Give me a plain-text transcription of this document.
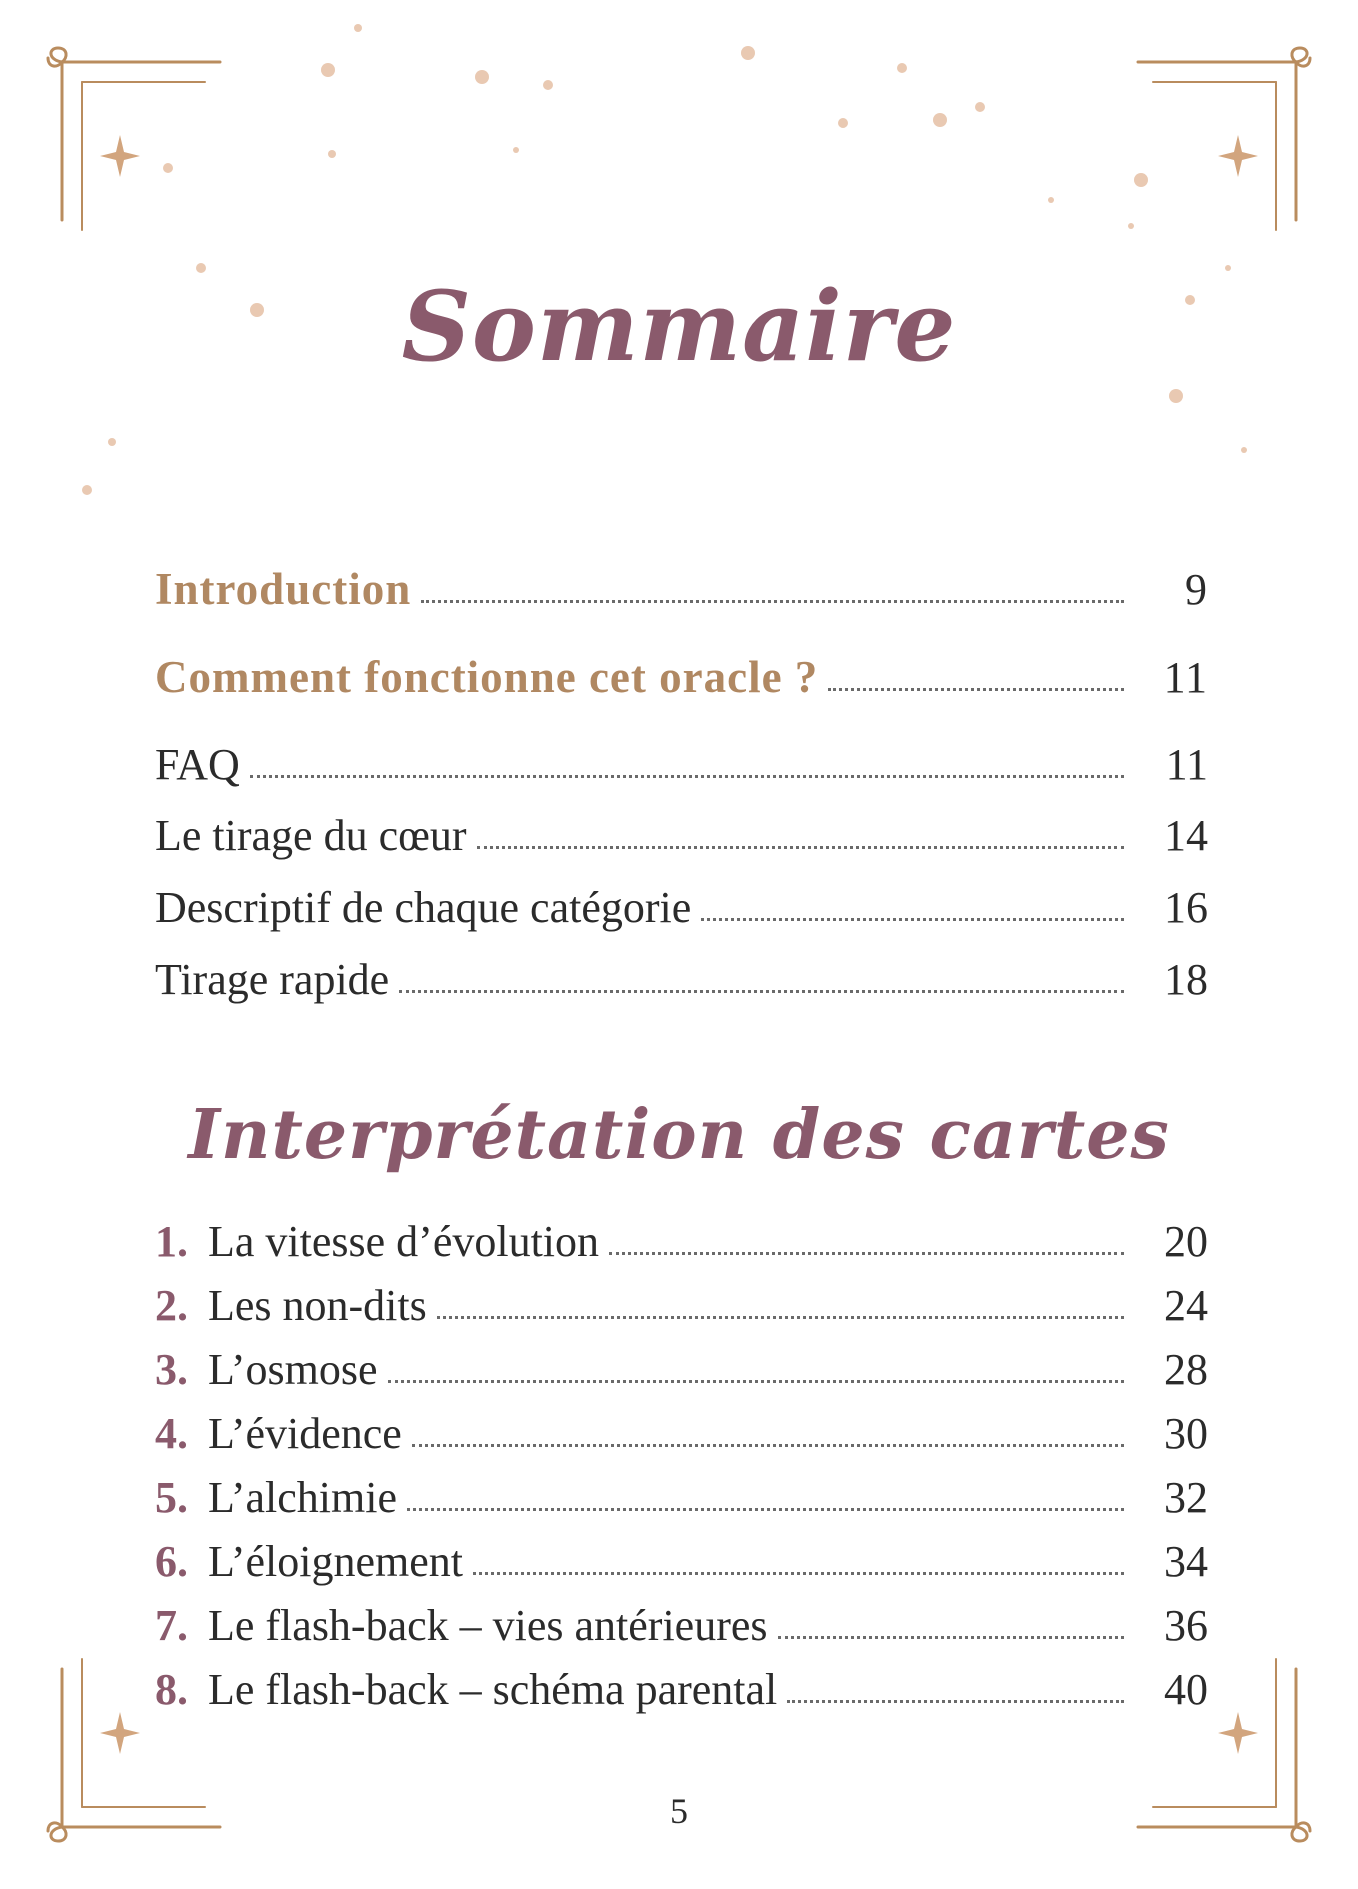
Sommaire
Introduction	9
Comment fonctionne cet oracle ?	11
FAQ	11
Le tirage du cœur	14
Descriptif de chaque catégorie	16
Tirage rapide	18
Interprétation des cartes
1. La vitesse d’évolution	20
2. Les non-dits	24
3. L’osmose	28
4. L’évidence	30
5. L’alchimie	32
6. L’éloignement	34
7. Le flash-back – vies antérieures	36
8. Le flash-back – schéma parental	40
5
